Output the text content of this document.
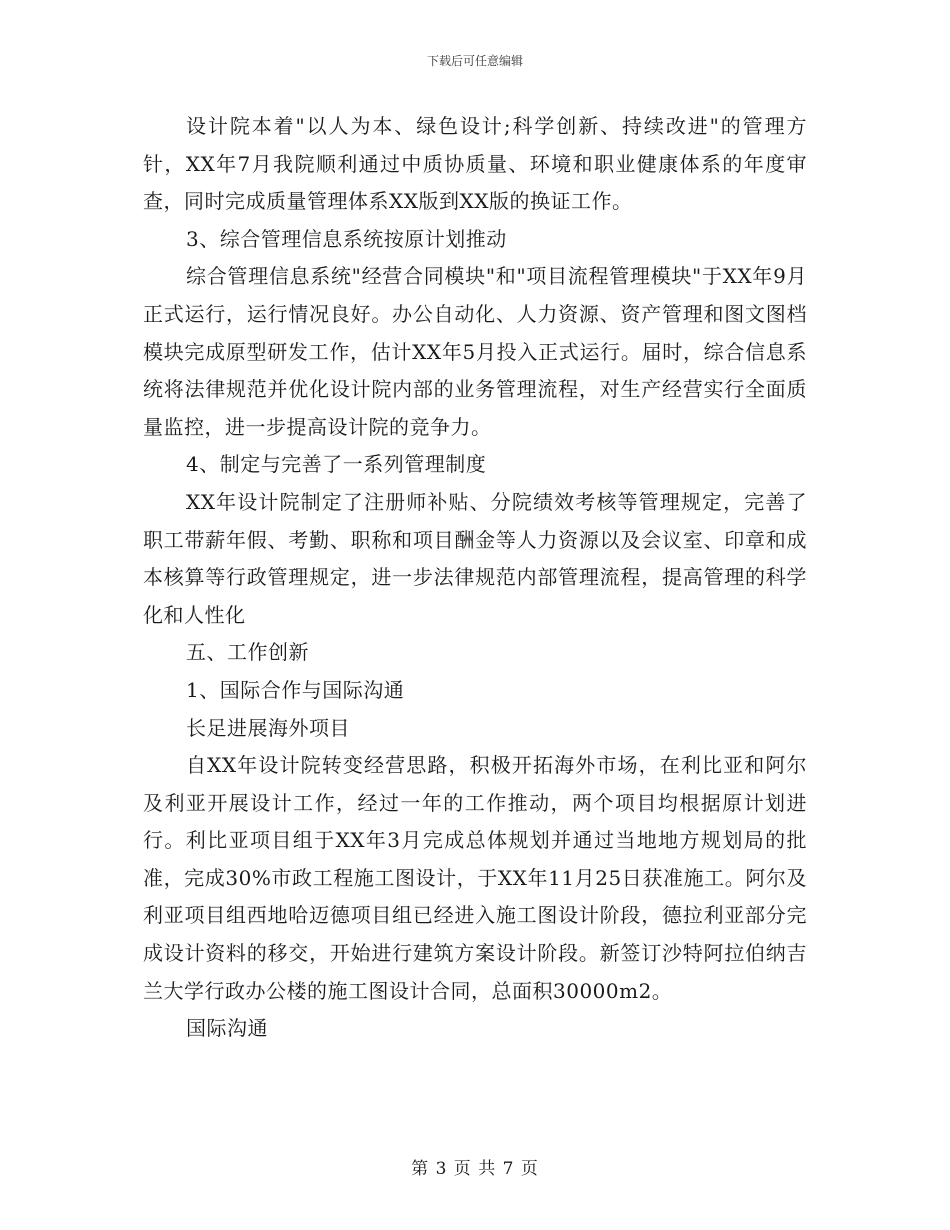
下载后可任意编辑

设计院本着"以人为本、绿色设计;科学创新、持续改进"的管理方针，XX年7月我院顺利通过中质协质量、环境和职业健康体系的年度审查，同时完成质量管理体系XX版到XX版的换证工作。

3、综合管理信息系统按原计划推动

综合管理信息系统"经营合同模块"和"项目流程管理模块"于XX年9月正式运行，运行情况良好。办公自动化、人力资源、资产管理和图文图档模块完成原型研发工作，估计XX年5月投入正式运行。届时，综合信息系统将法律规范并优化设计院内部的业务管理流程，对生产经营实行全面质量监控，进一步提高设计院的竞争力。

4、制定与完善了一系列管理制度

XX年设计院制定了注册师补贴、分院绩效考核等管理规定，完善了职工带薪年假、考勤、职称和项目酬金等人力资源以及会议室、印章和成本核算等行政管理规定，进一步法律规范内部管理流程，提高管理的科学化和人性化

五、工作创新

1、国际合作与国际沟通

长足进展海外项目

自XX年设计院转变经营思路，积极开拓海外市场，在利比亚和阿尔及利亚开展设计工作，经过一年的工作推动，两个项目均根据原计划进行。利比亚项目组于XX年3月完成总体规划并通过当地地方规划局的批准，完成30%市政工程施工图设计，于XX年11月25日获准施工。阿尔及利亚项目组西地哈迈德项目组已经进入施工图设计阶段，德拉利亚部分完成设计资料的移交，开始进行建筑方案设计阶段。新签订沙特阿拉伯纳吉兰大学行政办公楼的施工图设计合同，总面积30000m2。

国际沟通

第 3 页 共 7 页
